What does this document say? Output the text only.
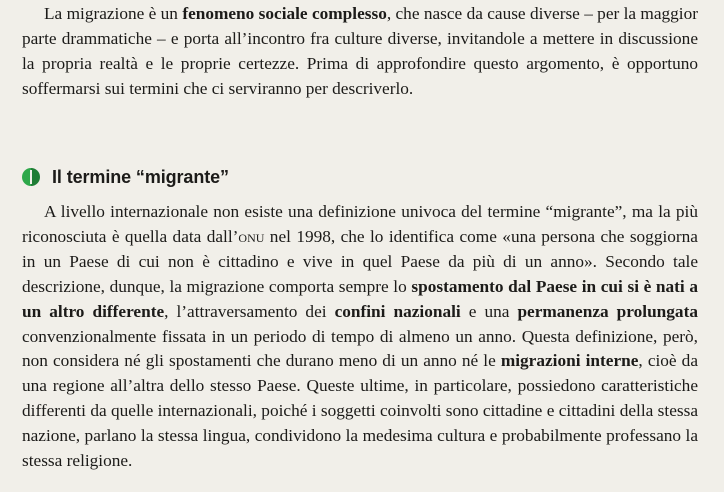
La migrazione è un fenomeno sociale complesso, che nasce da cause diverse – per la maggior parte drammatiche – e porta all’incontro fra culture diverse, invitandole a mettere in discussione la propria realtà e le proprie certezze. Prima di approfondire questo argomento, è opportuno soffermarsi sui termini che ci serviranno per descriverlo.

Il termine “migrante”

A livello internazionale non esiste una definizione univoca del termine “migrante”, ma la più riconosciuta è quella data dall’onu nel 1998, che lo identifica come «una persona che soggiorna in un Paese di cui non è cittadino e vive in quel Paese da più di un anno». Secondo tale descrizione, dunque, la migrazione comporta sempre lo spostamento dal Paese in cui si è nati a un altro differente, l’attraversamento dei confini nazionali e una permanenza prolungata convenzionalmente fissata in un periodo di tempo di almeno un anno. Questa definizione, però, non considera né gli spostamenti che durano meno di un anno né le migrazioni interne, cioè da una regione all’altra dello stesso Paese. Queste ultime, in particolare, possiedono caratteristiche differenti da quelle internazionali, poiché i soggetti coinvolti sono cittadine e cittadini della stessa nazione, parlano la stessa lingua, condividono la medesima cultura e probabilmente professano la stessa religione.
